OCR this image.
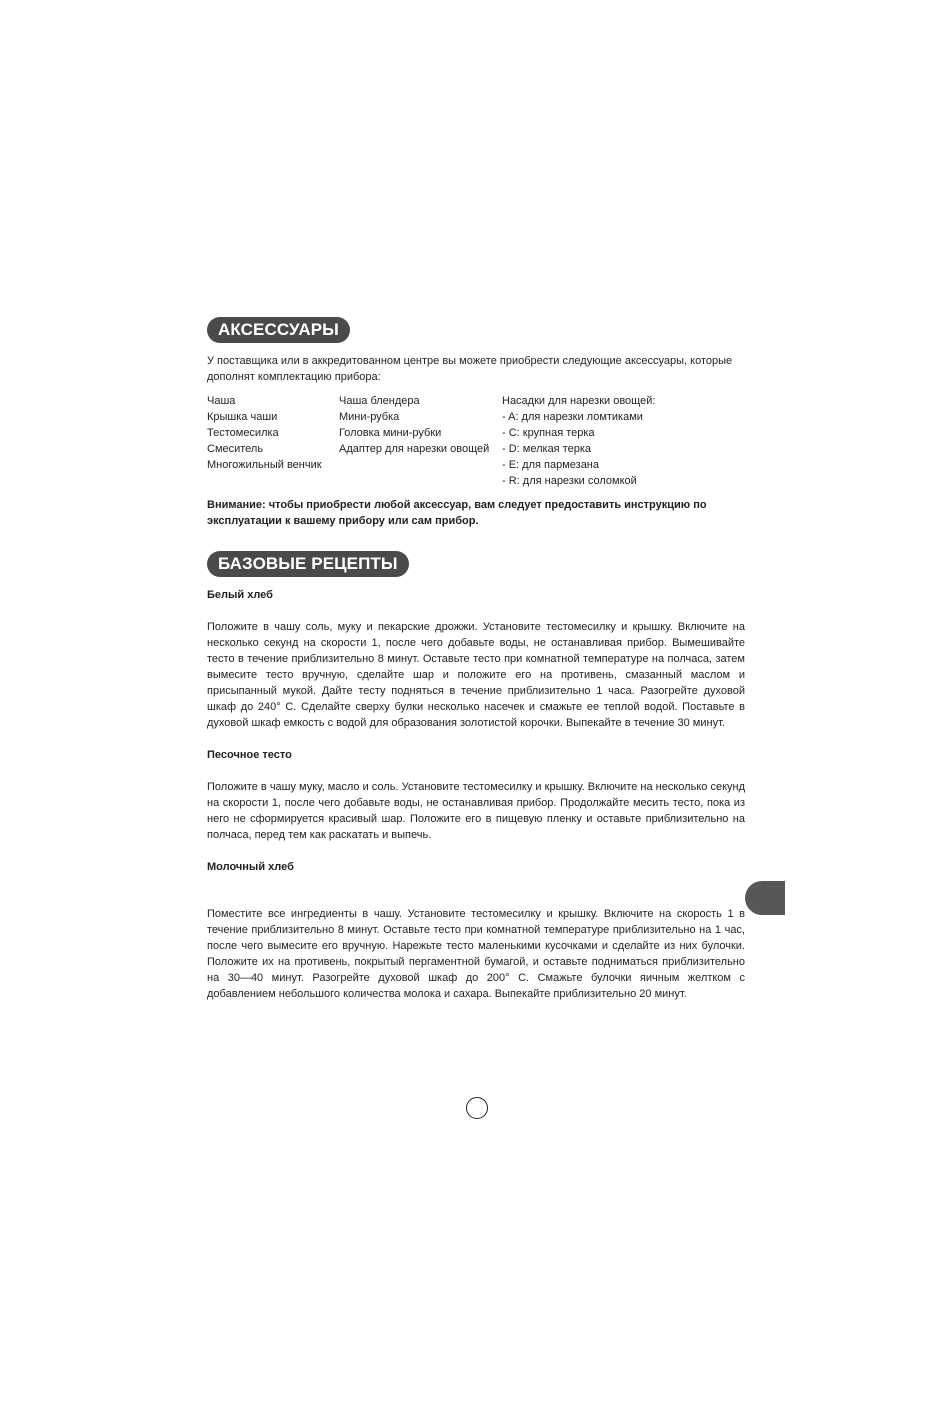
АКСЕССУАРЫ

У поставщика или в аккредитованном центре вы можете приобрести следующие аксессуары, которые дополнят комплектацию прибора:

Чаша
Крышка чаши
Тестомесилка
Смеситель
Многожильный венчик
Чаша блендера
Мини-рубка
Головка мини-рубки
Адаптер для нарезки овощей
Насадки для нарезки овощей:
- A: для нарезки ломтиками
- C: крупная терка
- D: мелкая терка
- E: для пармезана
- R: для нарезки соломкой

Внимание: чтобы приобрести любой аксессуар, вам следует предоставить инструкцию по эксплуатации к вашему прибору или сам прибор.

БАЗОВЫЕ РЕЦЕПТЫ

Белый хлеб

Положите в чашу соль, муку и пекарские дрожжи. Установите тестомесилку и крышку. Включите на несколько секунд на скорости 1, после чего добавьте воды, не останавливая прибор. Вымешивайте тесто в течение приблизительно 8 минут. Оставьте тесто при комнатной температуре на полчаса, затем вымесите тесто вручную, сделайте шар и положите его на противень, смазанный маслом и присыпанный мукой. Дайте тесту подняться в течение приблизительно 1 часа. Разогрейте духовой шкаф до 240° C. Сделайте сверху булки несколько насечек и смажьте ее теплой водой. Поставьте в духовой шкаф емкость с водой для образования золотистой корочки. Выпекайте в течение 30 минут.

Песочное тесто

Положите в чашу муку, масло и соль. Установите тестомесилку и крышку. Включите на несколько секунд на скорости 1, после чего добавьте воды, не останавливая прибор. Продолжайте месить тесто, пока из него не сформируется красивый шар. Положите его в пищевую пленку и оставьте приблизительно на полчаса, перед тем как раскатать и выпечь.

Молочный хлеб

Поместите все ингредиенты в чашу. Установите тестомесилку и крышку. Включите на скорость 1 в течение приблизительно 8 минут. Оставьте тесто при комнатной температуре приблизительно на 1 час, после чего вымесите его вручную. Нарежьте тесто маленькими кусочками и сделайте из них булочки. Положите их на противень, покрытый пергаментной бумагой, и оставьте подниматься приблизительно на 30—40 минут. Разогрейте духовой шкаф до 200° C. Смажьте булочки яичным желтком с добавлением небольшого количества молока и сахара. Выпекайте приблизительно 20 минут.
